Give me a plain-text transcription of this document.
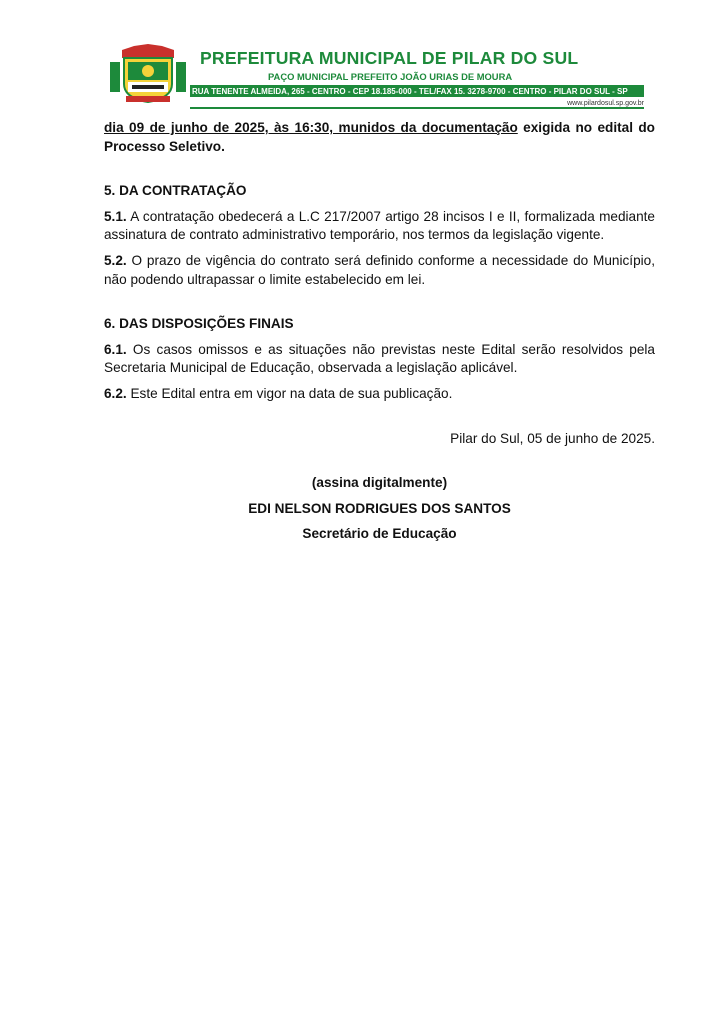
PREFEITURA MUNICIPAL DE PILAR DO SUL
PAÇO MUNICIPAL PREFEITO JOÃO URIAS DE MOURA
RUA TENENTE ALMEIDA, 265 - CENTRO - CEP 18.185-000 - TEL/FAX 15. 3278-9700 - CENTRO - PILAR DO SUL - SP
www.pilardosul.sp.gov.br

dia 09 de junho de 2025, às 16:30, munidos da documentação exigida no edital do Processo Seletivo.

5. DA CONTRATAÇÃO

5.1. A contratação obedecerá a L.C 217/2007 artigo 28 incisos I e II, formalizada mediante assinatura de contrato administrativo temporário, nos termos da legislação vigente.

5.2. O prazo de vigência do contrato será definido conforme a necessidade do Município, não podendo ultrapassar o limite estabelecido em lei.

6. DAS DISPOSIÇÕES FINAIS

6.1. Os casos omissos e as situações não previstas neste Edital serão resolvidos pela Secretaria Municipal de Educação, observada a legislação aplicável.

6.2. Este Edital entra em vigor na data de sua publicação.

Pilar do Sul, 05 de junho de 2025.

(assina digitalmente)

EDI NELSON RODRIGUES DOS SANTOS

Secretário de Educação
